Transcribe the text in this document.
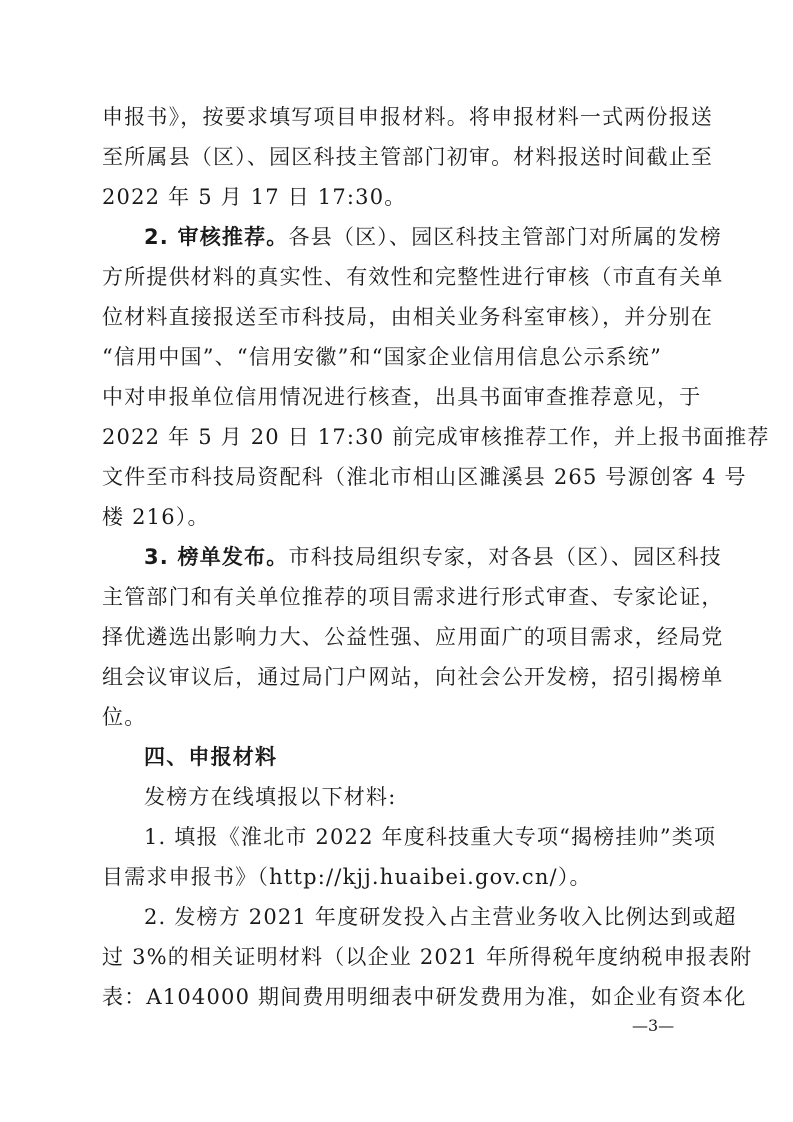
申报书》，按要求填写项目申报材料。将申报材料一式两份报送
至所属县（区）、园区科技主管部门初审。材料报送时间截止至
2022 年 5 月 17 日 17:30。
2. 审核推荐。各县（区）、园区科技主管部门对所属的发榜
方所提供材料的真实性、有效性和完整性进行审核（市直有关单
位材料直接报送至市科技局，由相关业务科室审核），并分别在
“信用中国”、“信用安徽”和“国家企业信用信息公示系统”
中对申报单位信用情况进行核查，出具书面审查推荐意见，于
2022 年 5 月 20 日 17:30 前完成审核推荐工作，并上报书面推荐
文件至市科技局资配科（淮北市相山区濉溪县 265 号源创客 4 号
楼 216）。
3. 榜单发布。市科技局组织专家，对各县（区）、园区科技
主管部门和有关单位推荐的项目需求进行形式审查、专家论证，
择优遴选出影响力大、公益性强、应用面广的项目需求，经局党
组会议审议后，通过局门户网站，向社会公开发榜，招引揭榜单
位。
四、申报材料
发榜方在线填报以下材料:
1. 填报《淮北市 2022 年度科技重大专项“揭榜挂帅”类项
目需求申报书》（http://kjj.huaibei.gov.cn/）。
2. 发榜方 2021 年度研发投入占主营业务收入比例达到或超
过 3%的相关证明材料（以企业 2021 年所得税年度纳税申报表附
表：A104000 期间费用明细表中研发费用为准，如企业有资本化
—3—
